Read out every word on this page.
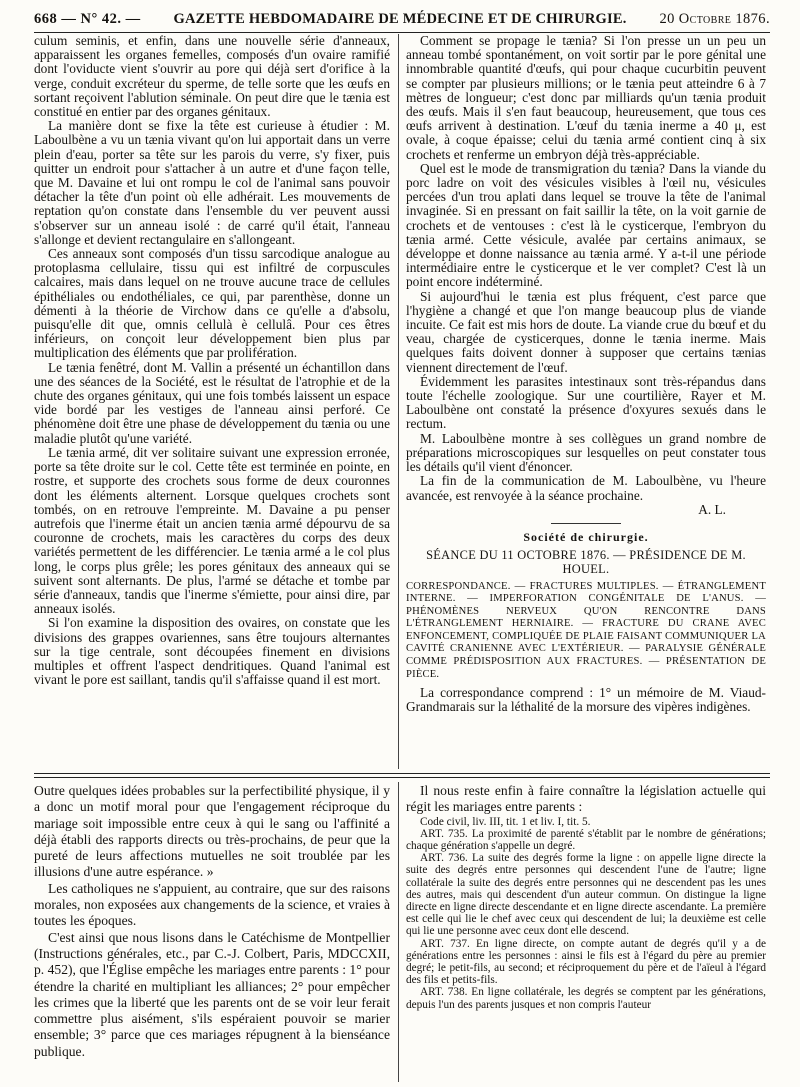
668 — N° 42. — GAZETTE HEBDOMADAIRE DE MÉDECINE ET DE CHIRURGIE. 20 Octobre 1876.

culum seminis, et enfin, dans une nouvelle série d'anneaux, apparaissent les organes femelles, composés d'un ovaire ramifié dont l'oviducte vient s'ouvrir au pore qui déjà sert d'orifice à la verge, conduit excréteur du sperme, de telle sorte que les œufs en sortant reçoivent l'ablution séminale. On peut dire que le tænia est constitué en entier par des organes génitaux.

La manière dont se fixe la tête est curieuse à étudier : M. Laboulbène a vu un tænia vivant qu'on lui apportait dans un verre plein d'eau, porter sa tête sur les parois du verre, s'y fixer, puis quitter un endroit pour s'attacher à un autre et d'une façon telle, que M. Davaine et lui ont rompu le col de l'animal sans pouvoir détacher la tête d'un point où elle adhérait. Les mouvements de reptation qu'on constate dans l'ensemble du ver peuvent aussi s'observer sur un anneau isolé : de carré qu'il était, l'anneau s'allonge et devient rectangulaire en s'allongeant.

Ces anneaux sont composés d'un tissu sarcodique analogue au protoplasma cellulaire, tissu qui est infiltré de corpuscules calcaires, mais dans lequel on ne trouve aucune trace de cellules épithéliales ou endothéliales, ce qui, par parenthèse, donne un démenti à la théorie de Virchow dans ce qu'elle a d'absolu, puisqu'elle dit que, omnis cellulà è cellulâ. Pour ces êtres inférieurs, on conçoit leur développement bien plus par multiplication des éléments que par prolifération.

Le tænia fenêtré, dont M. Vallin a présenté un échantillon dans une des séances de la Société, est le résultat de l'atrophie et de la chute des organes génitaux, qui une fois tombés laissent un espace vide bordé par les vestiges de l'anneau ainsi perforé. Ce phénomène doit être une phase de développement du tænia ou une maladie plutôt qu'une variété.

Le tænia armé, dit ver solitaire suivant une expression erronée, porte sa tête droite sur le col. Cette tête est terminée en pointe, en rostre, et supporte des crochets sous forme de deux couronnes dont les éléments alternent. Lorsque quelques crochets sont tombés, on en retrouve l'empreinte. M. Davaine a pu penser autrefois que l'inerme était un ancien tænia armé dépourvu de sa couronne de crochets, mais les caractères du corps des deux variétés permettent de les différencier. Le tænia armé a le col plus long, le corps plus grêle; les pores génitaux des anneaux qui se suivent sont alternants. De plus, l'armé se détache et tombe par série d'anneaux, tandis que l'inerme s'émiette, pour ainsi dire, par anneaux isolés.

Si l'on examine la disposition des ovaires, on constate que les divisions des grappes ovariennes, sans être toujours alternantes sur la tige centrale, sont découpées finement en divisions multiples et offrent l'aspect dendritiques. Quand l'animal est vivant le pore est saillant, tandis qu'il s'affaisse quand il est mort.

Comment se propage le tænia? Si l'on presse un un peu un anneau tombé spontanément, on voit sortir par le pore génital une innombrable quantité d'œufs, qui pour chaque cucurbitin peuvent se compter par plusieurs millions; or le tænia peut atteindre 6 à 7 mètres de longueur; c'est donc par milliards qu'un tænia produit des œufs. Mais il s'en faut beaucoup, heureusement, que tous ces œufs arrivent à destination. L'œuf du tænia inerme a 40 μ, est ovale, à coque épaisse; celui du tænia armé contient cinq à six crochets et renferme un embryon déjà très-appréciable.

Quel est le mode de transmigration du tænia? Dans la viande du porc ladre on voit des vésicules visibles à l'œil nu, vésicules percées d'un trou aplati dans lequel se trouve la tête de l'animal invaginée. Si en pressant on fait saillir la tête, on la voit garnie de crochets et de ventouses : c'est là le cysticerque, l'embryon du tænia armé. Cette vésicule, avalée par certains animaux, se développe et donne naissance au tænia armé. Y a-t-il une période intermédiaire entre le cysticerque et le ver complet? C'est là un point encore indéterminé.

Si aujourd'hui le tænia est plus fréquent, c'est parce que l'hygiène a changé et que l'on mange beaucoup plus de viande incuite. Ce fait est mis hors de doute. La viande crue du bœuf et du veau, chargée de cysticerques, donne le tænia inerme. Mais quelques faits doivent donner à supposer que certains tænias viennent directement de l'œuf.

Évidemment les parasites intestinaux sont très-répandus dans toute l'échelle zoologique. Sur une courtilière, Rayer et M. Laboulbène ont constaté la présence d'oxyures sexués dans le rectum.

M. Laboulbène montre à ses collègues un grand nombre de préparations microscopiques sur lesquelles on peut constater tous les détails qu'il vient d'énoncer.

La fin de la communication de M. Laboulbène, vu l'heure avancée, est renvoyée à la séance prochaine.

A. L.

Société de chirurgie.
SÉANCE DU 11 OCTOBRE 1876. — PRÉSIDENCE DE M. HOUEL.
CORRESPONDANCE. — FRACTURES MULTIPLES. — ÉTRANGLEMENT INTERNE. — IMPERFORATION CONGÉNITALE DE L'ANUS. — PHÉNOMÈNES NERVEUX QU'ON RENCONTRE DANS L'ÉTRANGLEMENT HERNIAIRE. — FRACTURE DU CRANE AVEC ENFONCEMENT, COMPLIQUÉE DE PLAIE FAISANT COMMUNIQUER LA CAVITÉ CRANIENNE AVEC L'EXTÉRIEUR. — PARALYSIE GÉNÉRALE COMME PRÉDISPOSITION AUX FRACTURES. — PRÉSENTATION DE PIÈCE.

La correspondance comprend : 1° un mémoire de M. Viaud-Grandmarais sur la léthalité de la morsure des vipères indigènes.

Outre quelques idées probables sur la perfectibilité physique, il y a donc un motif moral pour que l'engagement réciproque du mariage soit impossible entre ceux à qui le sang ou l'affinité a déjà établi des rapports directs ou très-prochains, de peur que la pureté de leurs affections mutuelles ne soit troublée par les illusions d'une autre espérance. »

Les catholiques ne s'appuient, au contraire, que sur des raisons morales, non exposées aux changements de la science, et vraies à toutes les époques.

C'est ainsi que nous lisons dans le Catéchisme de Montpellier (Instructions générales, etc., par C.-J. Colbert, Paris, MDCCXII, p. 452), que l'Église empêche les mariages entre parents : 1° pour étendre la charité en multipliant les alliances; 2° pour empêcher les crimes que la liberté que les parents ont de se voir leur ferait commettre plus aisément, s'ils espéraient pouvoir se marier ensemble; 3° parce que ces mariages répugnent à la bienséance publique.

Il nous reste enfin à faire connaître la législation actuelle qui régit les mariages entre parents :

Code civil, liv. III, tit. 1 et liv. I, tit. 5.

ART. 735. La proximité de parenté s'établit par le nombre de générations; chaque génération s'appelle un degré.

ART. 736. La suite des degrés forme la ligne : on appelle ligne directe la suite des degrés entre personnes qui descendent l'une de l'autre; ligne collatérale la suite des degrés entre personnes qui ne descendent pas les unes des autres, mais qui descendent d'un auteur commun. On distingue la ligne directe en ligne directe descendante et en ligne directe ascendante. La première est celle qui lie le chef avec ceux qui descendent de lui; la deuxième est celle qui lie une personne avec ceux dont elle descend.

ART. 737. En ligne directe, on compte autant de degrés qu'il y a de générations entre les personnes : ainsi le fils est à l'égard du père au premier degré; le petit-fils, au second; et réciproquement du père et de l'aïeul à l'égard des fils et petits-fils.

ART. 738. En ligne collatérale, les degrés se comptent par les générations, depuis l'un des parents jusques et non compris l'auteur
